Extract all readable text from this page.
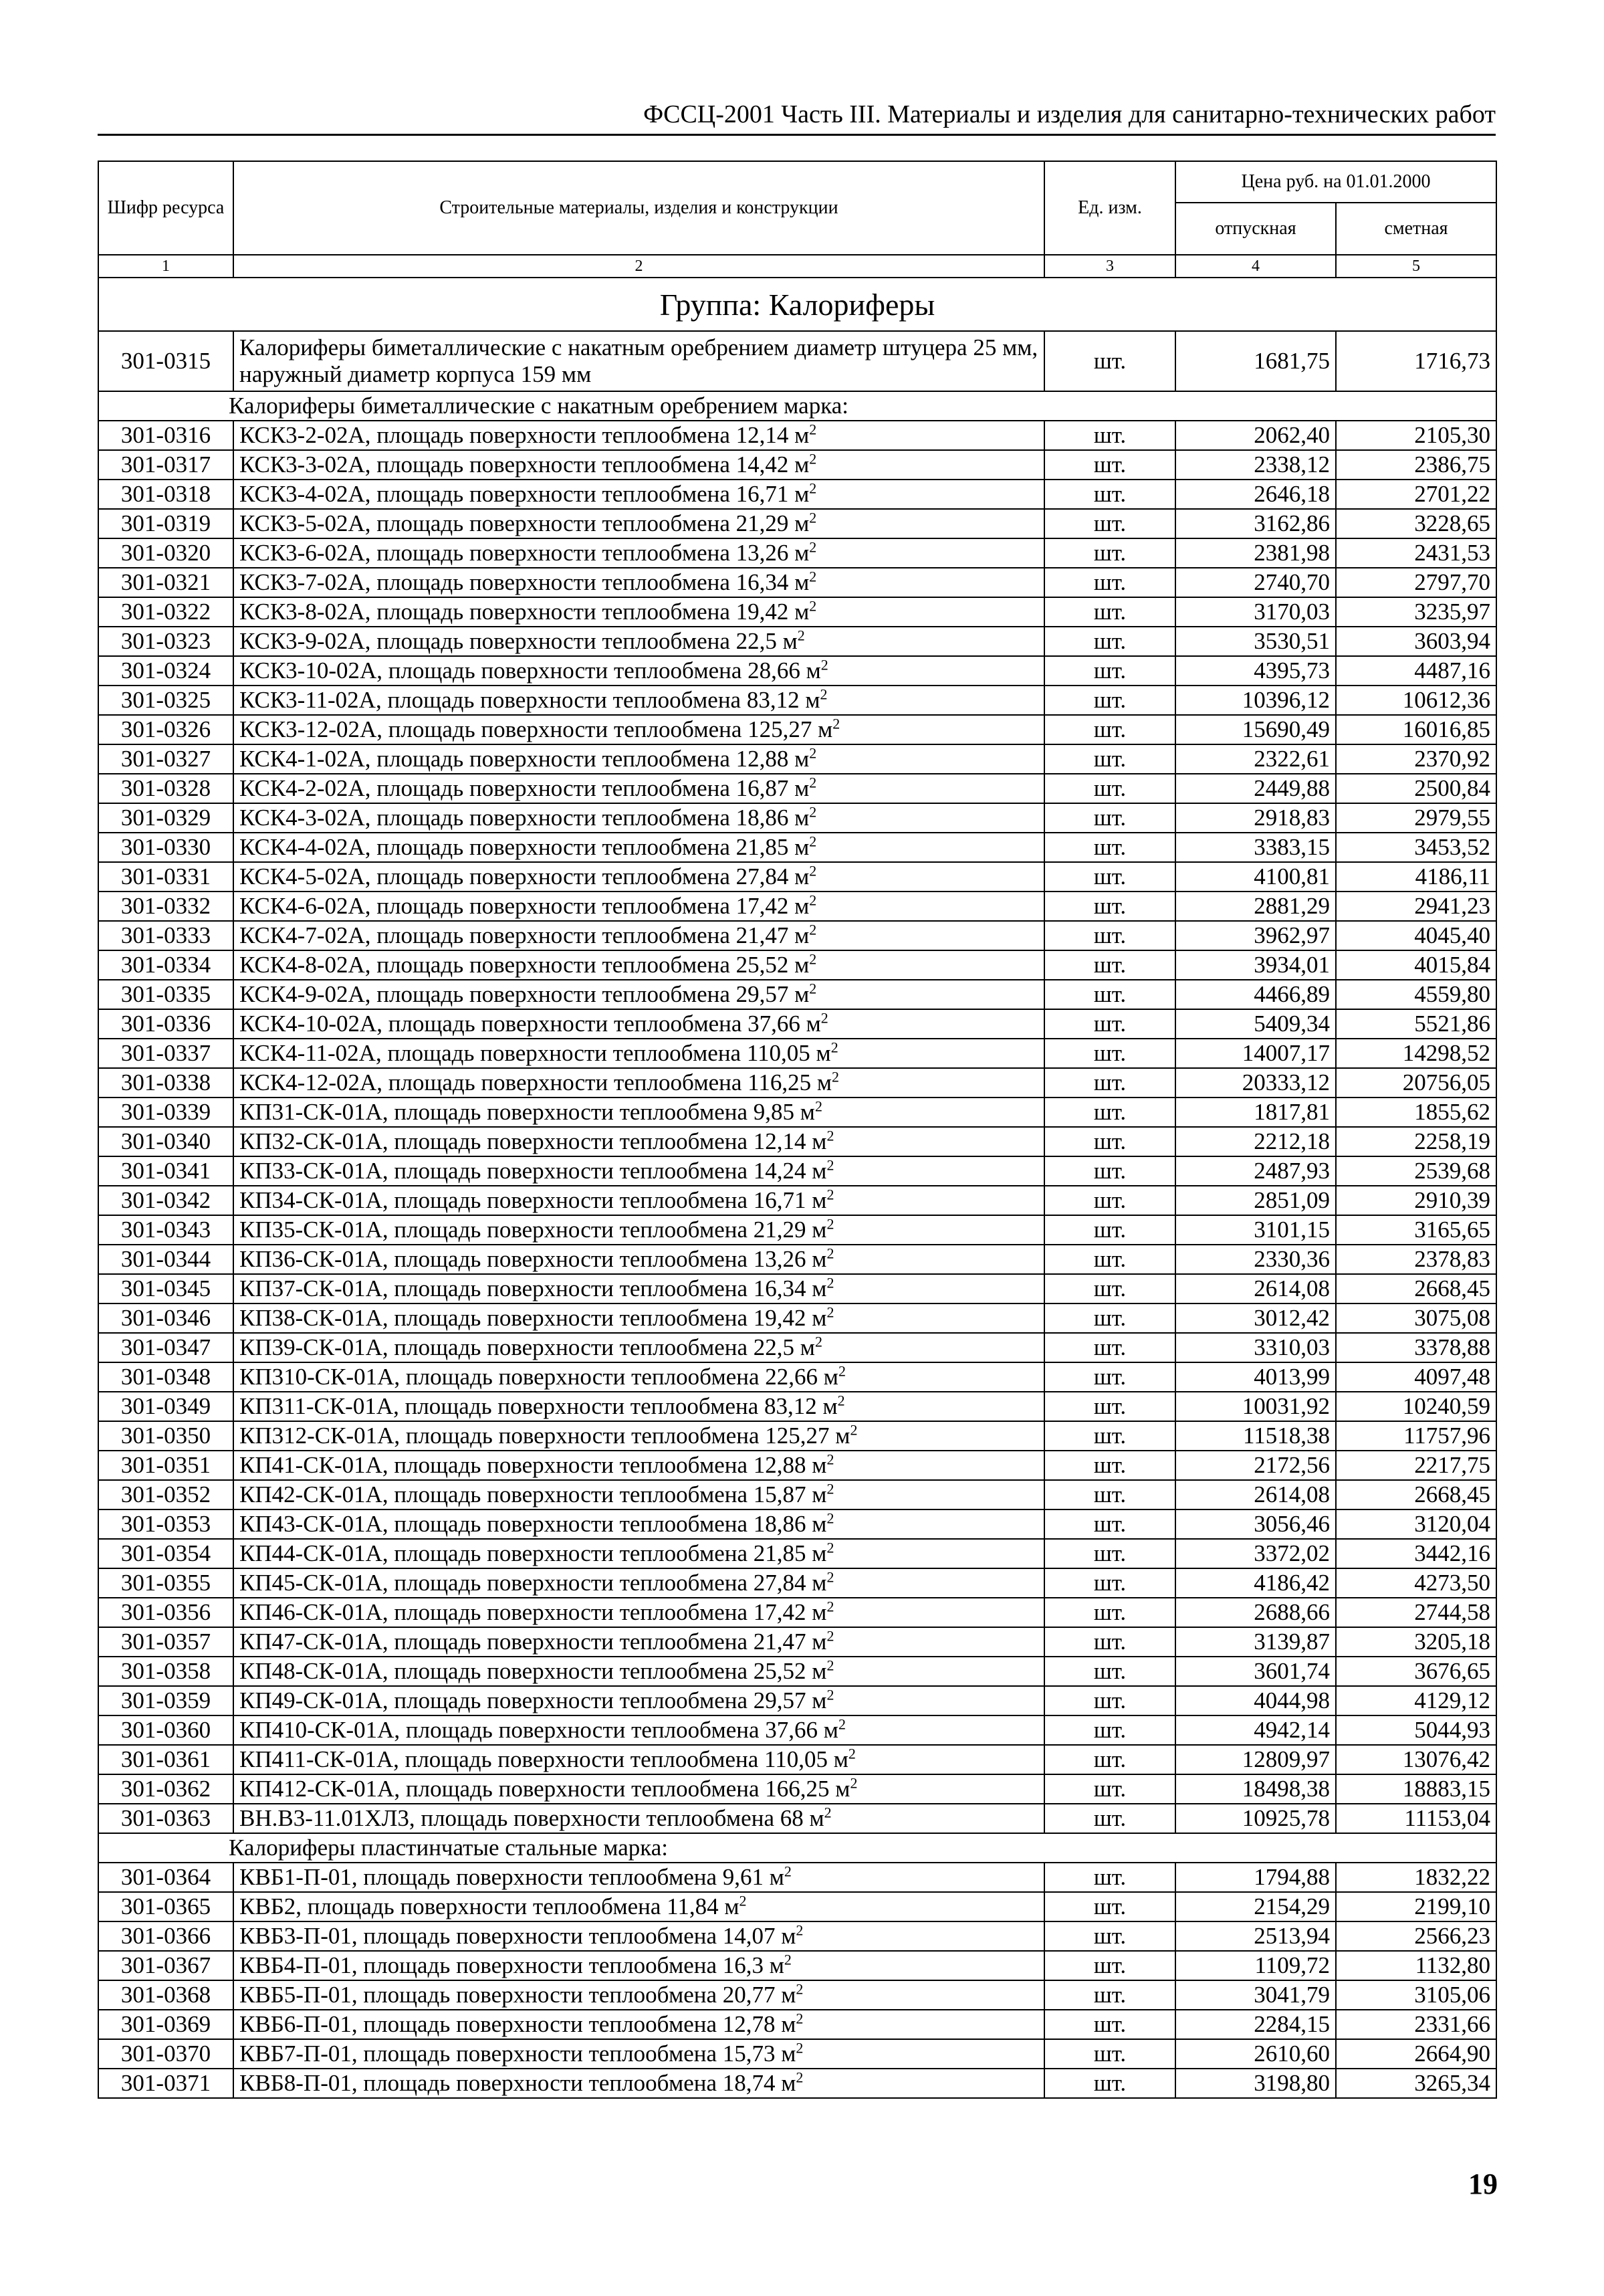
ФССЦ-2001 Часть III. Материалы и изделия для санитарно-технических работ
Шифр ресурса	Строительные материалы, изделия и конструкции	Ед. изм.	Цена руб. на 01.01.2000	
			отпускная	сметная
1	2	3	4	5
Группа: Калориферы				
301-0315	Калориферы биметаллические с накатным оребрением диаметр штуцера 25 мм, наружный диаметр корпуса 159 мм	шт.	1681,75	1716,73
Калориферы биметаллические с накатным оребрением марка:				
301-0316	КСК3-2-02А, площадь поверхности теплообмена 12,14 $м^2$	шт.	2062,40	2105,30
301-0317	КСК3-3-02А, площадь поверхности теплообмена 14,42 $м^2$	шт.	2338,12	2386,75
301-0318	КСК3-4-02А, площадь поверхности теплообмена 16,71 $м^2$	шт.	2646,18	2701,22
301-0319	КСК3-5-02А, площадь поверхности теплообмена 21,29 $м^2$	шт.	3162,86	3228,65
301-0320	КСК3-6-02А, площадь поверхности теплообмена 13,26 $м^2$	шт.	2381,98	2431,53
301-0321	КСК3-7-02А, площадь поверхности теплообмена 16,34 $м^2$	шт.	2740,70	2797,70
301-0322	КСК3-8-02А, площадь поверхности теплообмена 19,42 $м^2$	шт.	3170,03	3235,97
301-0323	КСК3-9-02А, площадь поверхности теплообмена 22,5 $м^2$	шт.	3530,51	3603,94
301-0324	КСК3-10-02А, площадь поверхности теплообмена 28,66 $м^2$	шт.	4395,73	4487,16
301-0325	КСК3-11-02А, площадь поверхности теплообмена 83,12 $м^2$	шт.	10396,12	10612,36
301-0326	КСК3-12-02А, площадь поверхности теплообмена 125,27 $м^2$	шт.	15690,49	16016,85
301-0327	КСК4-1-02А, площадь поверхности теплообмена 12,88 $м^2$	шт.	2322,61	2370,92
301-0328	КСК4-2-02А, площадь поверхности теплообмена 16,87 $м^2$	шт.	2449,88	2500,84
301-0329	КСК4-3-02А, площадь поверхности теплообмена 18,86 $м^2$	шт.	2918,83	2979,55
301-0330	КСК4-4-02А, площадь поверхности теплообмена 21,85 $м^2$	шт.	3383,15	3453,52
301-0331	КСК4-5-02А, площадь поверхности теплообмена 27,84 $м^2$	шт.	4100,81	4186,11
301-0332	КСК4-6-02А, площадь поверхности теплообмена 17,42 $м^2$	шт.	2881,29	2941,23
301-0333	КСК4-7-02А, площадь поверхности теплообмена 21,47 $м^2$	шт.	3962,97	4045,40
301-0334	КСК4-8-02А, площадь поверхности теплообмена 25,52 $м^2$	шт.	3934,01	4015,84
301-0335	КСК4-9-02А, площадь поверхности теплообмена 29,57 $м^2$	шт.	4466,89	4559,80
301-0336	КСК4-10-02А, площадь поверхности теплообмена 37,66 $м^2$	шт.	5409,34	5521,86
301-0337	КСК4-11-02А, площадь поверхности теплообмена 110,05 $м^2$	шт.	14007,17	14298,52
301-0338	КСК4-12-02А, площадь поверхности теплообмена 116,25 $м^2$	шт.	20333,12	20756,05
301-0339	КП31-СК-01А, площадь поверхности теплообмена 9,85 $м^2$	шт.	1817,81	1855,62
301-0340	КП32-СК-01А, площадь поверхности теплообмена 12,14 $м^2$	шт.	2212,18	2258,19
301-0341	КП33-СК-01А, площадь поверхности теплообмена 14,24 $м^2$	шт.	2487,93	2539,68
301-0342	КП34-СК-01А, площадь поверхности теплообмена 16,71 $м^2$	шт.	2851,09	2910,39
301-0343	КП35-СК-01А, площадь поверхности теплообмена 21,29 $м^2$	шт.	3101,15	3165,65
301-0344	КП36-СК-01А, площадь поверхности теплообмена 13,26 $м^2$	шт.	2330,36	2378,83
301-0345	КП37-СК-01А, площадь поверхности теплообмена 16,34 $м^2$	шт.	2614,08	2668,45
301-0346	КП38-СК-01А, площадь поверхности теплообмена 19,42 $м^2$	шт.	3012,42	3075,08
301-0347	КП39-СК-01А, площадь поверхности теплообмена 22,5 $м^2$	шт.	3310,03	3378,88
301-0348	КП310-СК-01А, площадь поверхности теплообмена 22,66 $м^2$	шт.	4013,99	4097,48
301-0349	КП311-СК-01А, площадь поверхности теплообмена 83,12 $м^2$	шт.	10031,92	10240,59
301-0350	КП312-СК-01А, площадь поверхности теплообмена 125,27 $м^2$	шт.	11518,38	11757,96
301-0351	КП41-СК-01А, площадь поверхности теплообмена 12,88 $м^2$	шт.	2172,56	2217,75
301-0352	КП42-СК-01А, площадь поверхности теплообмена 15,87 $м^2$	шт.	2614,08	2668,45
301-0353	КП43-СК-01А, площадь поверхности теплообмена 18,86 $м^2$	шт.	3056,46	3120,04
301-0354	КП44-СК-01А, площадь поверхности теплообмена 21,85 $м^2$	шт.	3372,02	3442,16
301-0355	КП45-СК-01А, площадь поверхности теплообмена 27,84 $м^2$	шт.	4186,42	4273,50
301-0356	КП46-СК-01А, площадь поверхности теплообмена 17,42 $м^2$	шт.	2688,66	2744,58
301-0357	КП47-СК-01А, площадь поверхности теплообмена 21,47 $м^2$	шт.	3139,87	3205,18
301-0358	КП48-СК-01А, площадь поверхности теплообмена 25,52 $м^2$	шт.	3601,74	3676,65
301-0359	КП49-СК-01А, площадь поверхности теплообмена 29,57 $м^2$	шт.	4044,98	4129,12
301-0360	КП410-СК-01А, площадь поверхности теплообмена 37,66 $м^2$	шт.	4942,14	5044,93
301-0361	КП411-СК-01А, площадь поверхности теплообмена 110,05 $м^2$	шт.	12809,97	13076,42
301-0362	КП412-СК-01А, площадь поверхности теплообмена 166,25 $м^2$	шт.	18498,38	18883,15
301-0363	ВН.В3-11.01ХЛ3, площадь поверхности теплообмена 68 $м^2$	шт.	10925,78	11153,04
Калориферы пластинчатые стальные марка:				
301-0364	КВБ1-П-01, площадь поверхности теплообмена 9,61 $м^2$	шт.	1794,88	1832,22
301-0365	КВБ2, площадь поверхности теплообмена 11,84 $м^2$	шт.	2154,29	2199,10
301-0366	КВБ3-П-01, площадь поверхности теплообмена 14,07 $м^2$	шт.	2513,94	2566,23
301-0367	КВБ4-П-01, площадь поверхности теплообмена 16,3 $м^2$	шт.	1109,72	1132,80
301-0368	КВБ5-П-01, площадь поверхности теплообмена 20,77 $м^2$	шт.	3041,79	3105,06
301-0369	КВБ6-П-01, площадь поверхности теплообмена 12,78 $м^2$	шт.	2284,15	2331,66
301-0370	КВБ7-П-01, площадь поверхности теплообмена 15,73 $м^2$	шт.	2610,60	2664,90
301-0371	КВБ8-П-01, площадь поверхности теплообмена 18,74 $м^2$	шт.	3198,80	3265,34
19
